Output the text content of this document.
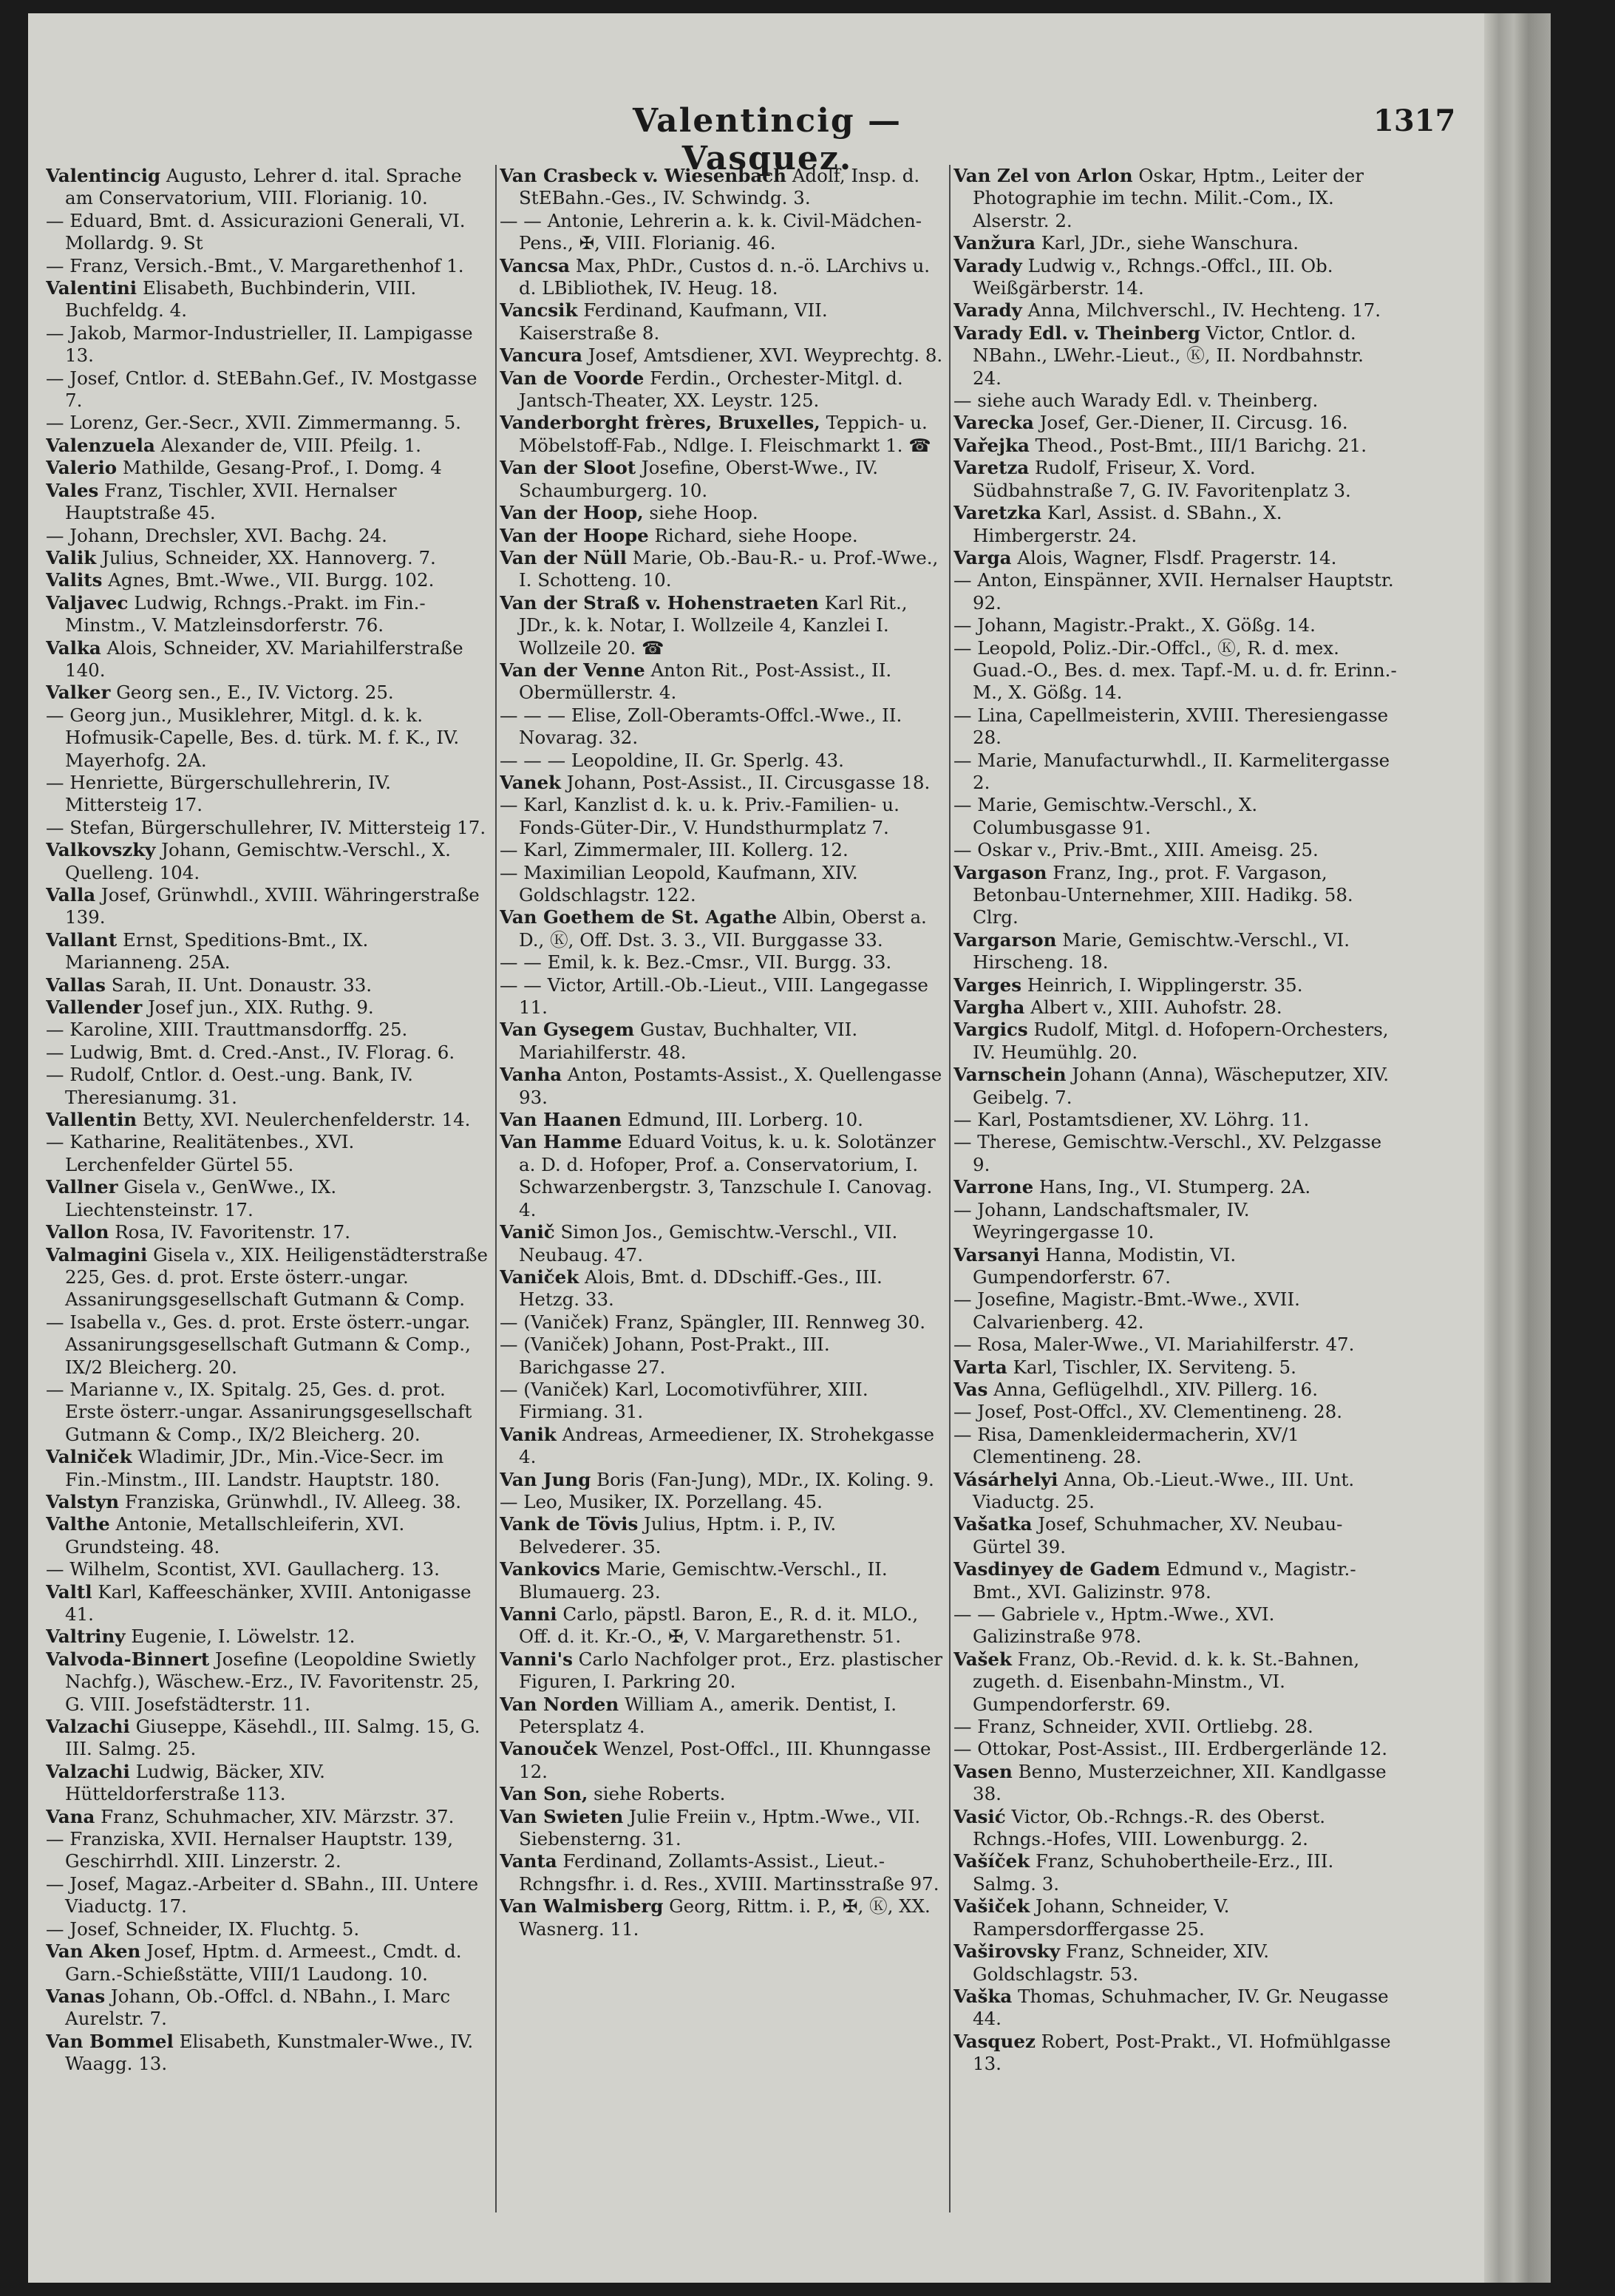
Valentincig — Vasquez.
1317

Valentincig Augusto, Lehrer d. ital. Sprache am Conservatorium, VIII. Florianig. 10.

— Eduard, Bmt. d. Assicurazioni Generali, VI. Mollardg. 9. St

— Franz, Versich.-Bmt., V. Margarethenhof 1.

Valentini Elisabeth, Buchbinderin, VIII. Buchfeldg. 4.

— Jakob, Marmor-Industrieller, II. Lampigasse 13.

— Josef, Cntlor. d. StEBahn.Gef., IV. Mostgasse 7.

— Lorenz, Ger.-Secr., XVII. Zimmermanng. 5.

Valenzuela Alexander de, VIII. Pfeilg. 1.

Valerio Mathilde, Gesang-Prof., I. Domg. 4

Vales Franz, Tischler, XVII. Hernalser Hauptstraße 45.

— Johann, Drechsler, XVI. Bachg. 24.

Valik Julius, Schneider, XX. Hannoverg. 7.

Valits Agnes, Bmt.-Wwe., VII. Burgg. 102.

Valjavec Ludwig, Rchngs.-Prakt. im Fin.-Minstm., V. Matzleinsdorferstr. 76.

Valka Alois, Schneider, XV. Mariahilferstraße 140.

Valker Georg sen., E., IV. Victorg. 25.

— Georg jun., Musiklehrer, Mitgl. d. k. k. Hofmusik-Capelle, Bes. d. türk. M. f. K., IV. Mayerhofg. 2A.

— Henriette, Bürgerschullehrerin, IV. Mittersteig 17.

— Stefan, Bürgerschullehrer, IV. Mittersteig 17.

Valkovszky Johann, Gemischtw.-Verschl., X. Quelleng. 104.

Valla Josef, Grünwhdl., XVIII. Währingerstraße 139.

Vallant Ernst, Speditions-Bmt., IX. Marianneng. 25A.

Vallas Sarah, II. Unt. Donaustr. 33.

Vallender Josef jun., XIX. Ruthg. 9.

— Karoline, XIII. Trauttmansdorffg. 25.

— Ludwig, Bmt. d. Cred.-Anst., IV. Florag. 6.

— Rudolf, Cntlor. d. Oest.-ung. Bank, IV. Theresianumg. 31.

Vallentin Betty, XVI. Neulerchenfelderstr. 14.

— Katharine, Realitätenbes., XVI. Lerchenfelder Gürtel 55.

Vallner Gisela v., GenWwe., IX. Liechtensteinstr. 17.

Vallon Rosa, IV. Favoritenstr. 17.

Valmagini Gisela v., XIX. Heiligenstädterstraße 225, Ges. d. prot. Erste österr.-ungar. Assanirungsgesellschaft Gutmann & Comp.

— Isabella v., Ges. d. prot. Erste österr.-ungar. Assanirungsgesellschaft Gutmann & Comp., IX/2 Bleicherg. 20.

— Marianne v., IX. Spitalg. 25, Ges. d. prot. Erste österr.-ungar. Assanirungsgesellschaft Gutmann & Comp., IX/2 Bleicherg. 20.

Valniček Wladimir, JDr., Min.-Vice-Secr. im Fin.-Minstm., III. Landstr. Hauptstr. 180.

Valstyn Franziska, Grünwhdl., IV. Alleeg. 38.

Valthe Antonie, Metallschleiferin, XVI. Grundsteing. 48.

— Wilhelm, Scontist, XVI. Gaullacherg. 13.

Valtl Karl, Kaffeeschänker, XVIII. Antonigasse 41.

Valtriny Eugenie, I. Löwelstr. 12.

Valvoda-Binnert Josefine (Leopoldine Swietly Nachfg.), Wäschew.-Erz., IV. Favoritenstr. 25, G. VIII. Josefstädterstr. 11.

Valzachi Giuseppe, Käsehdl., III. Salmg. 15, G. III. Salmg. 25.

Valzachi Ludwig, Bäcker, XIV. Hütteldorferstraße 113.

Vana Franz, Schuhmacher, XIV. Märzstr. 37.

— Franziska, XVII. Hernalser Hauptstr. 139, Geschirrhdl. XIII. Linzerstr. 2.

— Josef, Magaz.-Arbeiter d. SBahn., III. Untere Viaductg. 17.

— Josef, Schneider, IX. Fluchtg. 5.

Van Aken Josef, Hptm. d. Armeest., Cmdt. d. Garn.-Schießstätte, VIII/1 Laudong. 10.

Vanas Johann, Ob.-Offcl. d. NBahn., I. Marc Aurelstr. 7.

Van Bommel Elisabeth, Kunstmaler-Wwe., IV. Waagg. 13.

Van Crasbeck v. Wiesenbach Adolf, Insp. d. StEBahn.-Ges., IV. Schwindg. 3.

— — Antonie, Lehrerin a. k. k. Civil-Mädchen-Pens., ✠, VIII. Florianig. 46.

Vancsa Max, PhDr., Custos d. n.-ö. LArchivs u. d. LBibliothek, IV. Heug. 18.

Vancsik Ferdinand, Kaufmann, VII. Kaiserstraße 8.

Vancura Josef, Amtsdiener, XVI. Weyprechtg. 8.

Van de Voorde Ferdin., Orchester-Mitgl. d. Jantsch-Theater, XX. Leystr. 125.

Vanderborght frères, Bruxelles, Teppich- u. Möbelstoff-Fab., Ndlge. I. Fleischmarkt 1. ☎

Van der Sloot Josefine, Oberst-Wwe., IV. Schaumburgerg. 10.

Van der Hoop, siehe Hoop.

Van der Hoope Richard, siehe Hoope.

Van der Nüll Marie, Ob.-Bau-R.- u. Prof.-Wwe., I. Schotteng. 10.

Van der Straß v. Hohenstraeten Karl Rit., JDr., k. k. Notar, I. Wollzeile 4, Kanzlei I. Wollzeile 20. ☎

Van der Venne Anton Rit., Post-Assist., II. Obermüllerstr. 4.

— — — Elise, Zoll-Oberamts-Offcl.-Wwe., II. Novarag. 32.

— — — Leopoldine, II. Gr. Sperlg. 43.

Vanek Johann, Post-Assist., II. Circusgasse 18.

— Karl, Kanzlist d. k. u. k. Priv.-Familien- u. Fonds-Güter-Dir., V. Hundsthurmplatz 7.

— Karl, Zimmermaler, III. Kollerg. 12.

— Maximilian Leopold, Kaufmann, XIV. Goldschlagstr. 122.

Van Goethem de St. Agathe Albin, Oberst a. D., Ⓚ, Off. Dst. 3. 3., VII. Burggasse 33.

— — Emil, k. k. Bez.-Cmsr., VII. Burgg. 33.

— — Victor, Artill.-Ob.-Lieut., VIII. Langegasse 11.

Van Gysegem Gustav, Buchhalter, VII. Mariahilferstr. 48.

Vanha Anton, Postamts-Assist., X. Quellengasse 93.

Van Haanen Edmund, III. Lorberg. 10.

Van Hamme Eduard Voitus, k. u. k. Solotänzer a. D. d. Hofoper, Prof. a. Conservatorium, I. Schwarzenbergstr. 3, Tanzschule I. Canovag. 4.

Vanič Simon Jos., Gemischtw.-Verschl., VII. Neubaug. 47.

Vaniček Alois, Bmt. d. DDschiff.-Ges., III. Hetzg. 33.

— (Vaniček) Franz, Spängler, III. Rennweg 30.

— (Vaniček) Johann, Post-Prakt., III. Barichgasse 27.

— (Vaniček) Karl, Locomotivführer, XIII. Firmiang. 31.

Vanik Andreas, Armeediener, IX. Strohekgasse 4.

Van Jung Boris (Fan-Jung), MDr., IX. Koling. 9.

— Leo, Musiker, IX. Porzellang. 45.

Vank de Tövis Julius, Hptm. i. P., IV. Belvederег. 35.

Vankovics Marie, Gemischtw.-Verschl., II. Blumauerg. 23.

Vanni Carlo, päpstl. Baron, E., R. d. it. MLO., Off. d. it. Kr.-O., ✠, V. Margarethenstr. 51.

Vanni's Carlo Nachfolger prot., Erz. plastischer Figuren, I. Parkring 20.

Van Norden William A., amerik. Dentist, I. Petersplatz 4.

Vanouček Wenzel, Post-Offcl., III. Khunngasse 12.

Van Son, siehe Roberts.

Van Swieten Julie Freiin v., Hptm.-Wwe., VII. Siebensterng. 31.

Vanta Ferdinand, Zollamts-Assist., Lieut.-Rchngsfhr. i. d. Res., XVIII. Martinsstraße 97.

Van Walmisberg Georg, Rittm. i. P., ✠, Ⓚ, XX. Wasnerg. 11.

Van Zel von Arlon Oskar, Hptm., Leiter der Photographie im techn. Milit.-Com., IX. Alserstr. 2.

Vanžura Karl, JDr., siehe Wanschura.

Varady Ludwig v., Rchngs.-Offcl., III. Ob. Weißgärberstr. 14.

Varady Anna, Milchverschl., IV. Hechteng. 17.

Varady Edl. v. Theinberg Victor, Cntlor. d. NBahn., LWehr.-Lieut., Ⓚ, II. Nordbahnstr. 24.

— siehe auch Warady Edl. v. Theinberg.

Varecka Josef, Ger.-Diener, II. Circusg. 16.

Vařejka Theod., Post-Bmt., III/1 Barichg. 21.

Varetza Rudolf, Friseur, X. Vord. Südbahnstraße 7, G. IV. Favoritenplatz 3.

Varetzka Karl, Assist. d. SBahn., X. Himbergerstr. 24.

Varga Alois, Wagner, Flsdf. Pragerstr. 14.

— Anton, Einspänner, XVII. Hernalser Hauptstr. 92.

— Johann, Magistr.-Prakt., X. Gößg. 14.

— Leopold, Poliz.-Dir.-Offcl., Ⓚ, R. d. mex. Guad.-O., Bes. d. mex. Tapf.-M. u. d. fr. Erinn.-M., X. Gößg. 14.

— Lina, Capellmeisterin, XVIII. Theresiengasse 28.

— Marie, Manufacturwhdl., II. Karmelitergasse 2.

— Marie, Gemischtw.-Verschl., X. Columbusgasse 91.

— Oskar v., Priv.-Bmt., XIII. Ameisg. 25.

Vargason Franz, Ing., prot. F. Vargason, Betonbau-Unternehmer, XIII. Hadikg. 58. Clrg.

Vargarson Marie, Gemischtw.-Verschl., VI. Hirscheng. 18.

Varges Heinrich, I. Wipplingerstr. 35.

Vargha Albert v., XIII. Auhofstr. 28.

Vargics Rudolf, Mitgl. d. Hofopern-Orchesters, IV. Heumühlg. 20.

Varnschein Johann (Anna), Wäscheputzer, XIV. Geibelg. 7.

— Karl, Postamtsdiener, XV. Löhrg. 11.

— Therese, Gemischtw.-Verschl., XV. Pelzgasse 9.

Varrone Hans, Ing., VI. Stumperg. 2A.

— Johann, Landschaftsmaler, IV. Weyringergasse 10.

Varsanyi Hanna, Modistin, VI. Gumpendorferstr. 67.

— Josefine, Magistr.-Bmt.-Wwe., XVII. Calvarienberg. 42.

— Rosa, Maler-Wwe., VI. Mariahilferstr. 47.

Varta Karl, Tischler, IX. Servitеng. 5.

Vas Anna, Geflügelhdl., XIV. Pillerg. 16.

— Josef, Post-Offcl., XV. Clementineng. 28.

— Risa, Damenkleidermacherin, XV/1 Clementineng. 28.

Vásárhelyi Anna, Ob.-Lieut.-Wwe., III. Unt. Viaductg. 25.

Vašatka Josef, Schuhmacher, XV. Neubau-Gürtel 39.

Vasdinyey de Gadem Edmund v., Magistr.-Bmt., XVI. Galizinstr. 978.

— — Gabriele v., Hptm.-Wwe., XVI. Galizinstraße 978.

Vašek Franz, Ob.-Revid. d. k. k. St.-Bahnen, zugeth. d. Eisenbahn-Minstm., VI. Gumpendorferstr. 69.

— Franz, Schneider, XVII. Ortliebg. 28.

— Ottokar, Post-Assist., III. Erdbergerlände 12.

Vasen Benno, Musterzeichner, XII. Kandlgasse 38.

Vasić Victor, Ob.-Rchngs.-R. des Oberst. Rchngs.-Hofes, VIII. Lowenburgg. 2.

Vašíček Franz, Schuhobertheile-Erz., III. Salmg. 3.

Vašiček Johann, Schneider, V. Rampersdorffergasse 25.

Vaširovsky Franz, Schneider, XIV. Goldschlagstr. 53.

Vaška Thomas, Schuhmacher, IV. Gr. Neugasse 44.

Vasquez Robert, Post-Prakt., VI. Hofmühlgasse 13.
